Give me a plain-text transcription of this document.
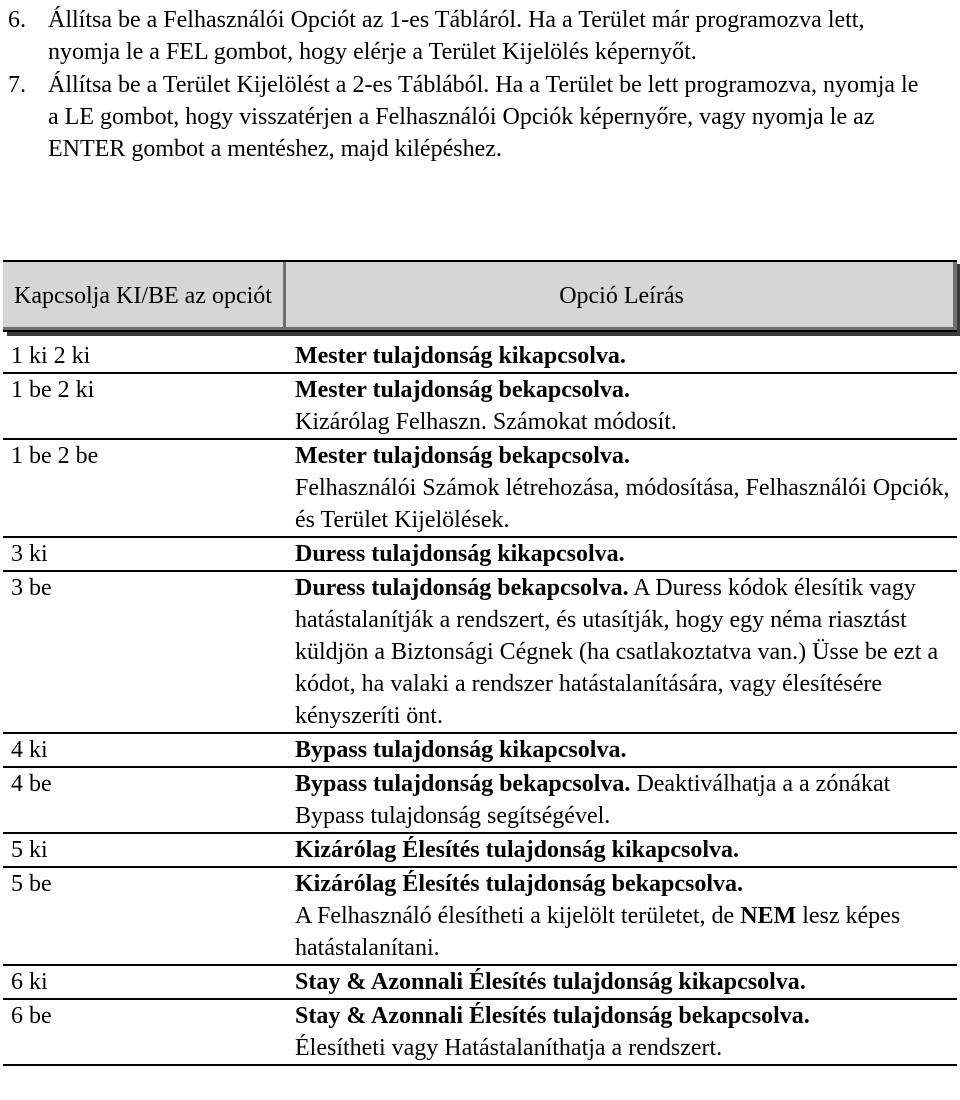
6. Állítsa be a Felhasználói Opciót az 1-es Tábláról. Ha a Terület már programozva lett, nyomja le a FEL gombot, hogy elérje a Terület Kijelölés képernyőt.
7. Állítsa be a Terület Kijelölést a 2-es Táblából. Ha a Terület be lett programozva, nyomja le a LE gombot, hogy visszatérjen a Felhasználói Opciók képernyőre, vagy nyomja le az ENTER gombot a mentéshez, majd kilépéshez.
Kapcsolja KI/BE az opciót	Opció Leírás
1 ki 2 ki	Mester tulajdonság kikapcsolva.
1 be 2 ki	Mester tulajdonság bekapcsolva.
Kizárólag Felhaszn. Számokat módosít.
1 be 2 be	Mester tulajdonság bekapcsolva.
Felhasználói Számok létrehozása, módosítása, Felhasználói Opciók, és Terület Kijelölések.
3 ki	Duress tulajdonság kikapcsolva.
3 be	Duress tulajdonság bekapcsolva. A Duress kódok élesítik vagy hatástalanítják a rendszert, és utasítják, hogy egy néma riasztást küldjön a Biztonsági Cégnek (ha csatlakoztatva van.) Üsse be ezt a kódot, ha valaki a rendszer hatástalanítására, vagy élesítésére kényszeríti önt.
4 ki	Bypass tulajdonság kikapcsolva.
4 be	Bypass tulajdonság bekapcsolva. Deaktiválhatja a a zónákat Bypass tulajdonság segítségével.
5 ki	Kizárólag Élesítés tulajdonság kikapcsolva.
5 be	Kizárólag Élesítés tulajdonság bekapcsolva.
A Felhasználó élesítheti a kijelölt területet, de NEM lesz képes hatástalanítani.
6 ki	Stay & Azonnali Élesítés tulajdonság kikapcsolva.
6 be	Stay & Azonnali Élesítés tulajdonság bekapcsolva.
Élesítheti vagy Hatástalaníthatja a rendszert.
